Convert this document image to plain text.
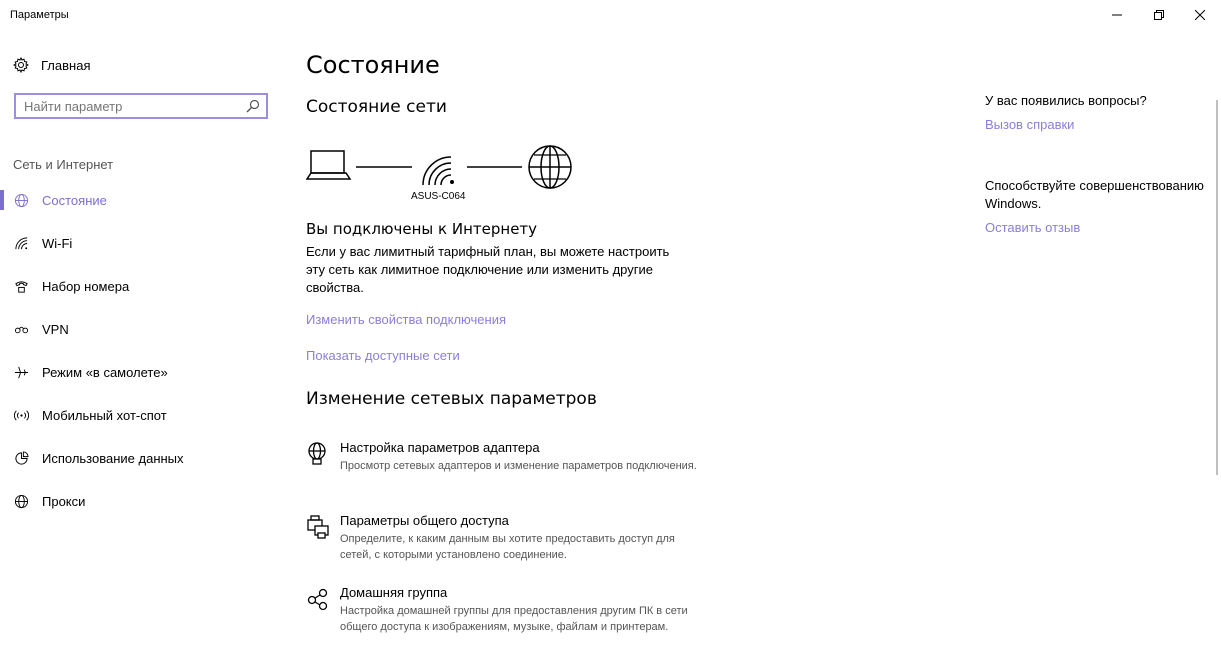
Параметры
Главная
Найти параметр
Сеть и Интернет
Состояние
Wi-Fi
Набор номера
VPN
Режим «в самолете»
Мобильный хот-спот
Использование данных
Прокси
Состояние
Состояние сети
ASUS-C064
Вы подключены к Интернету
Если у вас лимитный тарифный план, вы можете настроить эту сеть как лимитное подключение или изменить другие свойства.
Изменить свойства подключения
Показать доступные сети
Изменение сетевых параметров
Настройка параметров адаптера
Просмотр сетевых адаптеров и изменение параметров подключения.
Параметры общего доступа
Определите, к каким данным вы хотите предоставить доступ для сетей, с которыми установлено соединение.
Домашняя группа
Настройка домашней группы для предоставления другим ПК в сети общего доступа к изображениям, музыке, файлам и принтерам.
У вас появились вопросы?
Вызов справки
Способствуйте совершенствованию Windows.
Оставить отзыв
